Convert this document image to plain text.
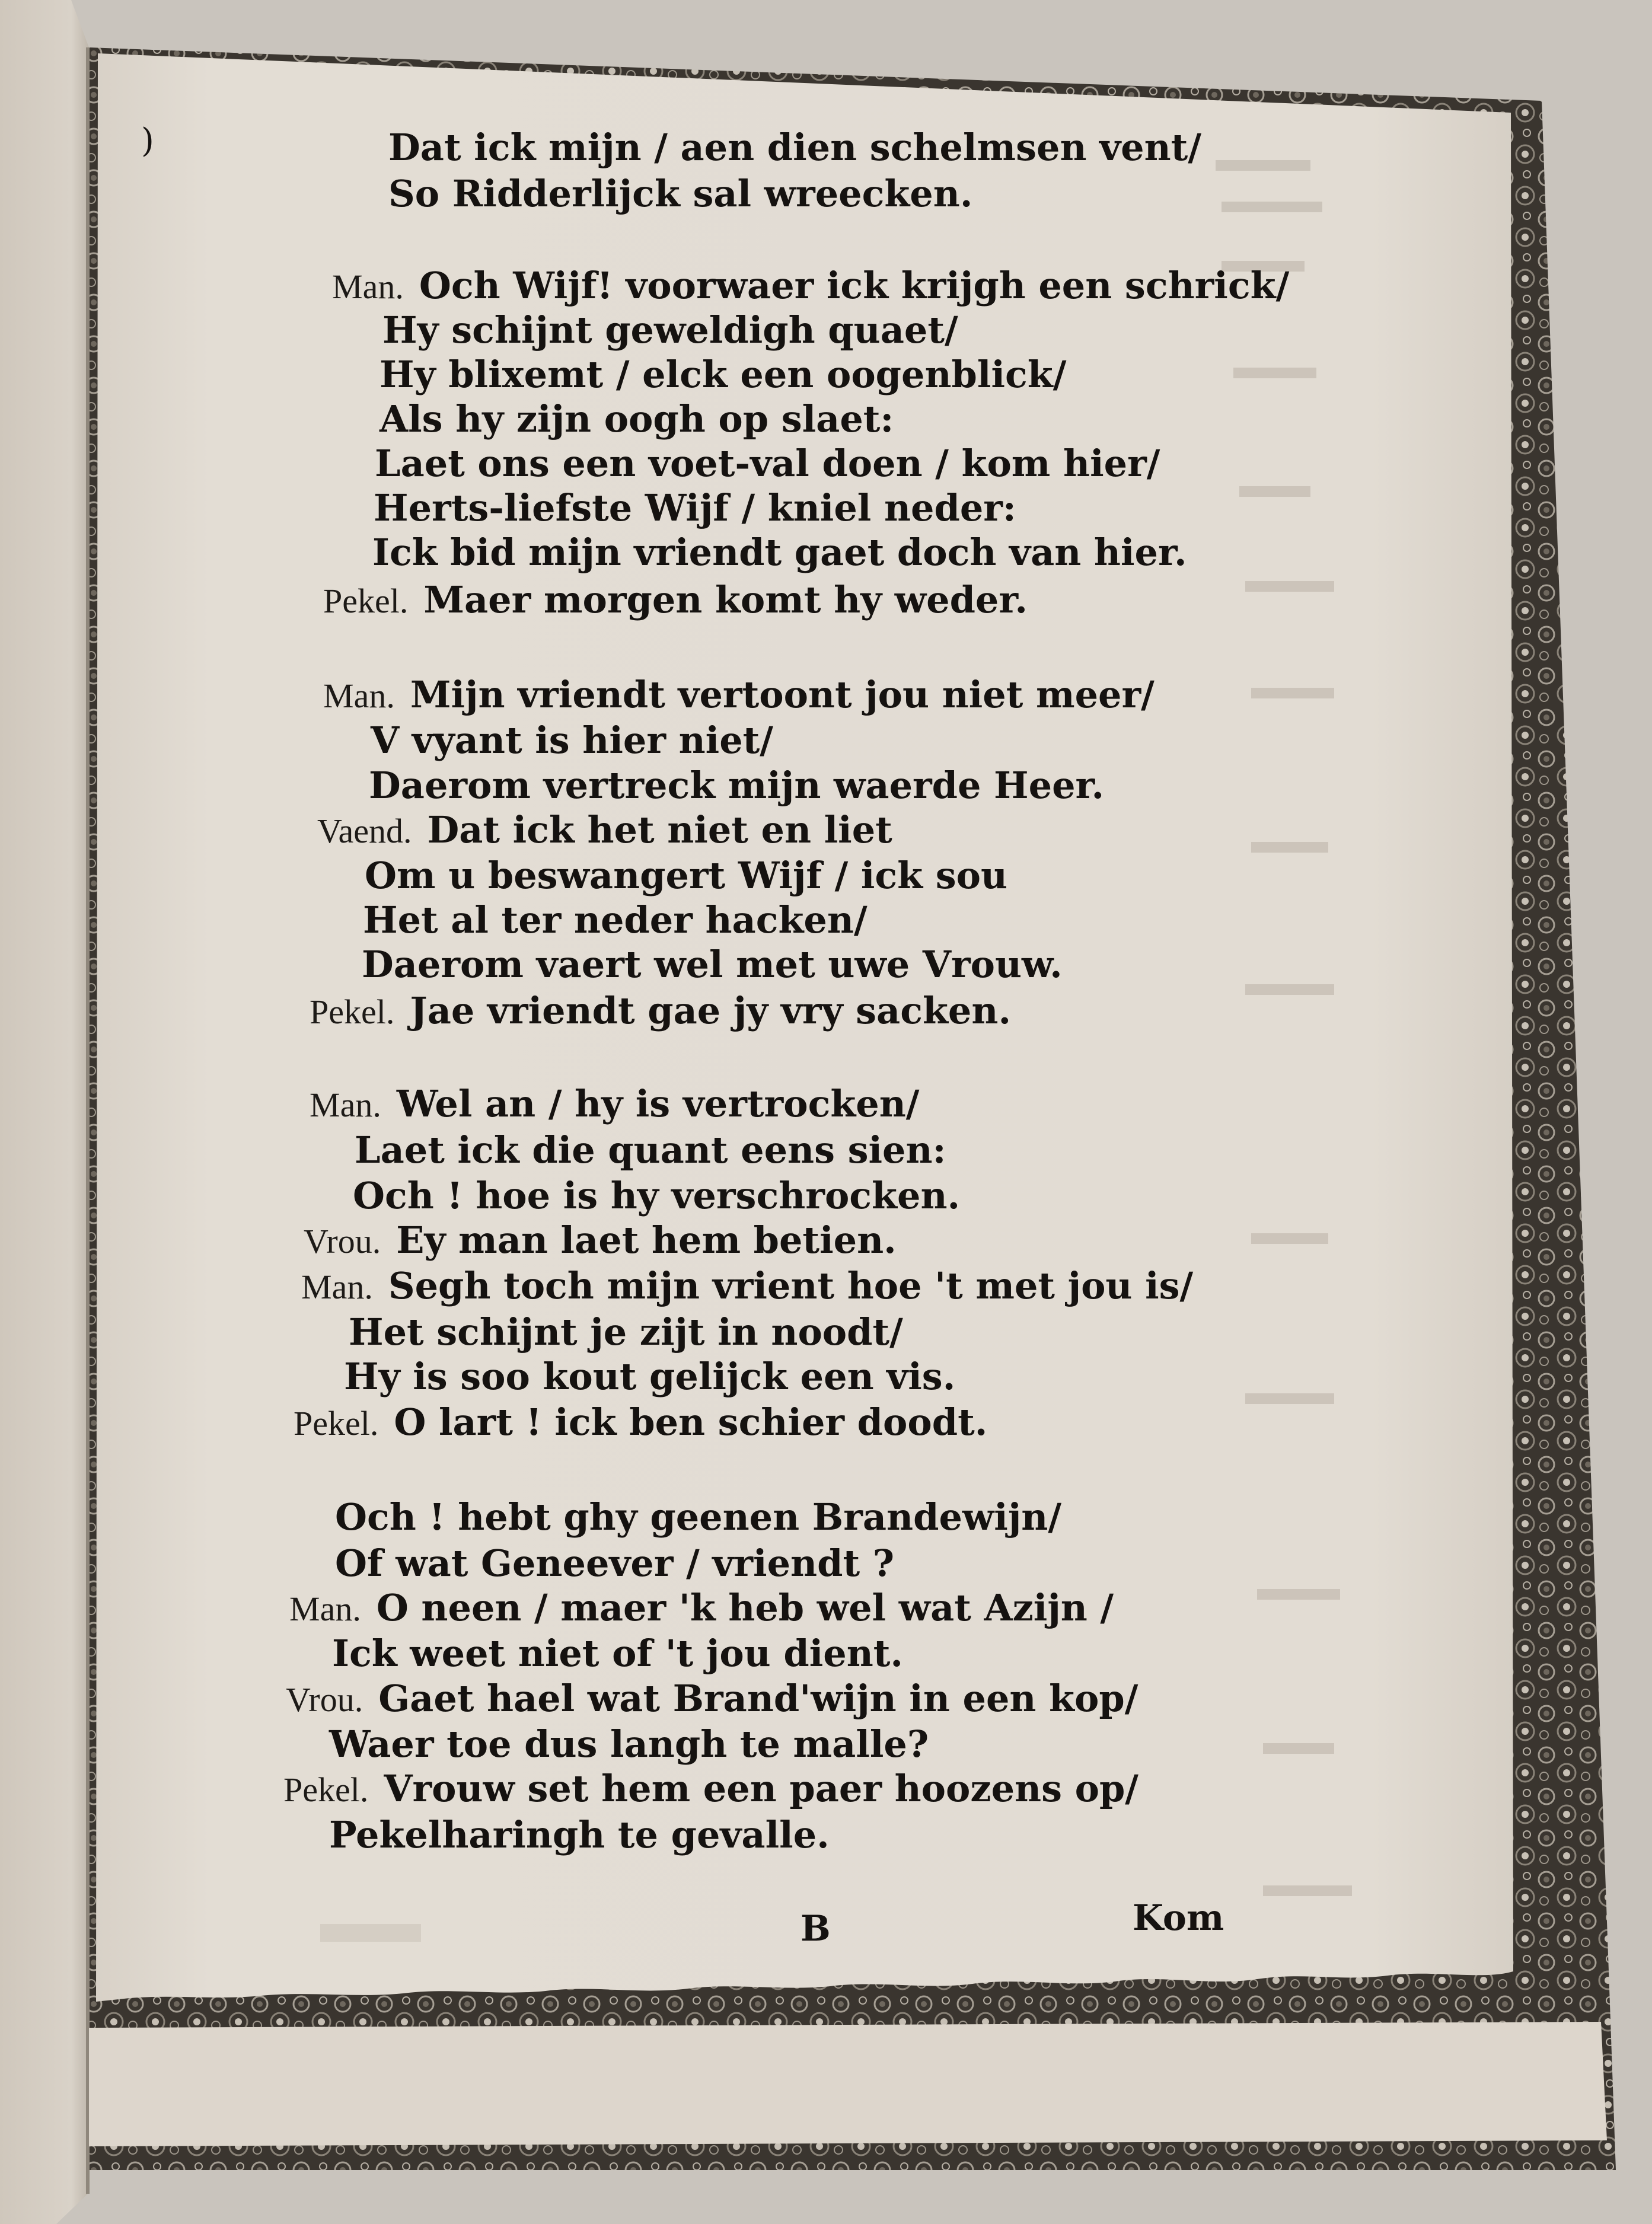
)	Dat ick mijn / aen dien schelmsen vent/
So Ridderlijck sal wreecken.
Man. Och Wijf! voorwaer ick krijgh een schrick/
Hy schijnt geweldigh quaet/
Hy blixemt / elck een oogenblick/
Als hy zijn oogh op slaet:
Laet ons een voet-val doen / kom hier/
Herts-liefste Wijf / kniel neder:
Ick bid mijn vriendt gaet doch van hier.
Pekel. Maer morgen komt hy weder.
Man. Mijn vriendt vertoont jou niet meer/
V vyant is hier niet/
Daerom vertreck mijn waerde Heer.
Vaend. Dat ick het niet en liet
Om u beswangert Wijf / ick sou
Het al ter neder hacken/
Daerom vaert wel met uwe Vrouw.
Pekel. Jae vriendt gae jy vry sacken.
Man. Wel an / hy is vertrocken/
Laet ick die quant eens sien:
Och ! hoe is hy verschrocken.
Vrou. Ey man laet hem betien.
Man. Segh toch mijn vrient hoe 't met jou is/
Het schijnt je zijt in noodt/
Hy is soo kout gelijck een vis.
Pekel. O lart ! ick ben schier doodt.
Och ! hebt ghy geenen Brandewijn/
Of wat Geneever / vriendt ?
Man. O neen / maer 'k heb wel wat Azijn /
Ick weet niet of 't jou dient.
Vrou. Gaet hael wat Brand'wijn in een kop/
Waer toe dus langh te malle?
Pekel. Vrouw set hem een paer hoozens op/
Pekelharingh te gevalle.
B	Kom
